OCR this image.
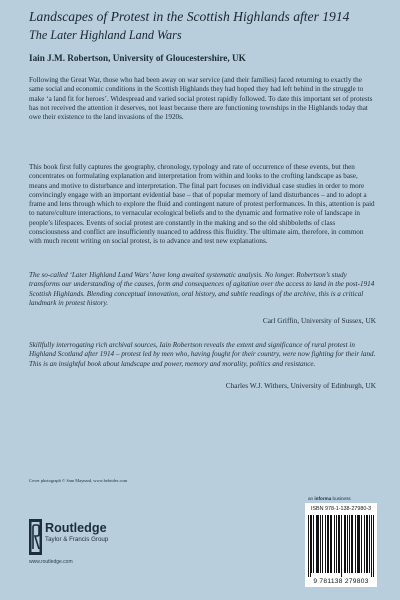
Landscapes of Protest in the Scottish Highlands after 1914
The Later Highland Land Wars
Iain J.M. Robertson, University of Gloucestershire, UK
Following the Great War, those who had been away on war service (and their families) faced returning to exactly the same social and economic conditions in the Scottish Highlands they had hoped they had left behind in the struggle to make ‘a land fit for heroes’. Widespread and varied social protest rapidly followed. To date this important set of protests has not received the attention it deserves, not least because there are functioning townships in the Highlands today that owe their existence to the land invasions of the 1920s.
This book first fully captures the geography, chronology, typology and rate of occurrence of these events, but then concentrates on formulating explanation and interpretation from within and looks to the crofting landscape as base, means and motive to disturbance and interpretation. The final part focuses on individual case studies in order to more convincingly engage with an important evidential base – that of popular memory of land disturbances – and to adopt a frame and lens through which to explore the fluid and contingent nature of protest performances. In this, attention is paid to nature/culture interactions, to vernacular ecological beliefs and to the dynamic and formative role of landscape in people’s lifespaces. Events of social protest are constantly in the making and so the old shibboleths of class consciousness and conflict are insufficiently nuanced to address this fluidity. The ultimate aim, therefore, in common with much recent writing on social protest, is to advance and test new explanations.
The so-called ‘Later Highland Land Wars’ have long awaited systematic analysis. No longer. Robertson’s study transforms our understanding of the causes, form and consequences of agitation over the access to land in the post-1914 Scottish Highlands. Blending conceptual innovation, oral history, and subtle readings of the archive, this is a critical landmark in protest history.
Carl Griffin, University of Sussex, UK
Skillfully interrogating rich archival sources, Iain Robertson reveals the extent and significance of rural protest in Highland Scotland after 1914 – protest led by men who, having fought for their country, were now fighting for their land. This is an insightful book about landscape and power, memory and morality, politics and resistance.
Charles W.J. Withers, University of Edinburgh, UK
Cover photograph © Sam Maynard, www.hebrides.com
Routledge
Taylor & Francis Group
www.routledge.com
an informa business
ISBN 978-1-138-27980-3
9 781138 279803
